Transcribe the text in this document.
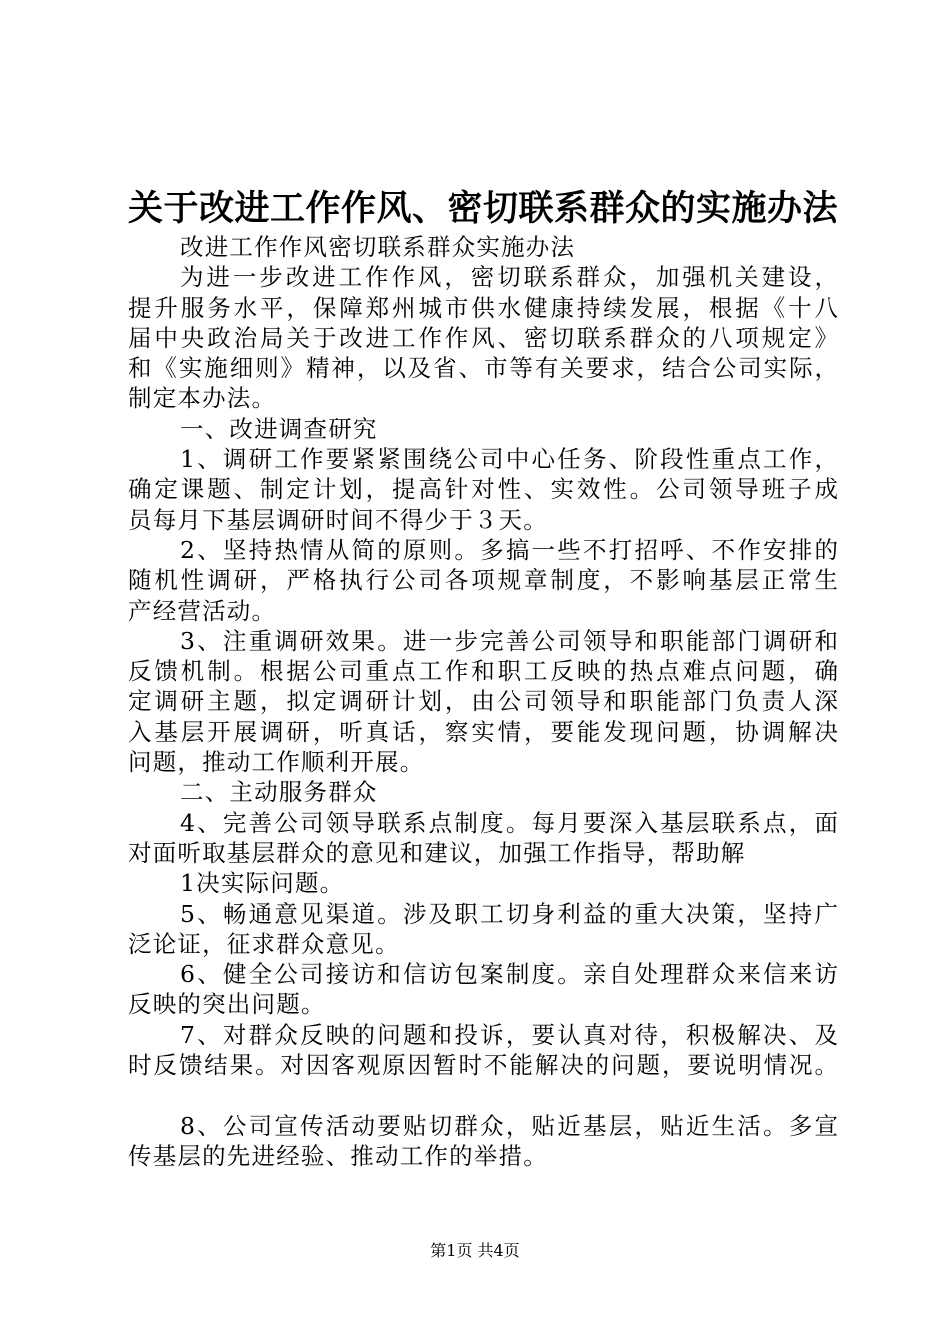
关于改进工作作风、密切联系群众的实施办法
改进工作作风密切联系群众实施办法
为进一步改进工作作风，密切联系群众，加强机关建设，
提升服务水平，保障郑州城市供水健康持续发展，根据《十八
届中央政治局关于改进工作作风、密切联系群众的八项规定》
和《实施细则》精神，以及省、市等有关要求，结合公司实际，
制定本办法。
一、改进调查研究
1、调研工作要紧紧围绕公司中心任务、阶段性重点工作，
确定课题、制定计划，提高针对性、实效性。公司领导班子成
员每月下基层调研时间不得少于３天。
2、坚持热情从简的原则。多搞一些不打招呼、不作安排的
随机性调研，严格执行公司各项规章制度，不影响基层正常生
产经营活动。
3、注重调研效果。进一步完善公司领导和职能部门调研和
反馈机制。根据公司重点工作和职工反映的热点难点问题，确
定调研主题，拟定调研计划，由公司领导和职能部门负责人深
入基层开展调研，听真话，察实情，要能发现问题，协调解决
问题，推动工作顺利开展。
二、主动服务群众
4、完善公司领导联系点制度。每月要深入基层联系点，面
对面听取基层群众的意见和建议，加强工作指导，帮助解
1决实际问题。
5、畅通意见渠道。涉及职工切身利益的重大决策，坚持广
泛论证，征求群众意见。
6、健全公司接访和信访包案制度。亲自处理群众来信来访
反映的突出问题。
7、对群众反映的问题和投诉，要认真对待，积极解决、及
时反馈结果。对因客观原因暂时不能解决的问题，要说明情况。
8、公司宣传活动要贴切群众，贴近基层，贴近生活。多宣
传基层的先进经验、推动工作的举措。
第1页 共4页
